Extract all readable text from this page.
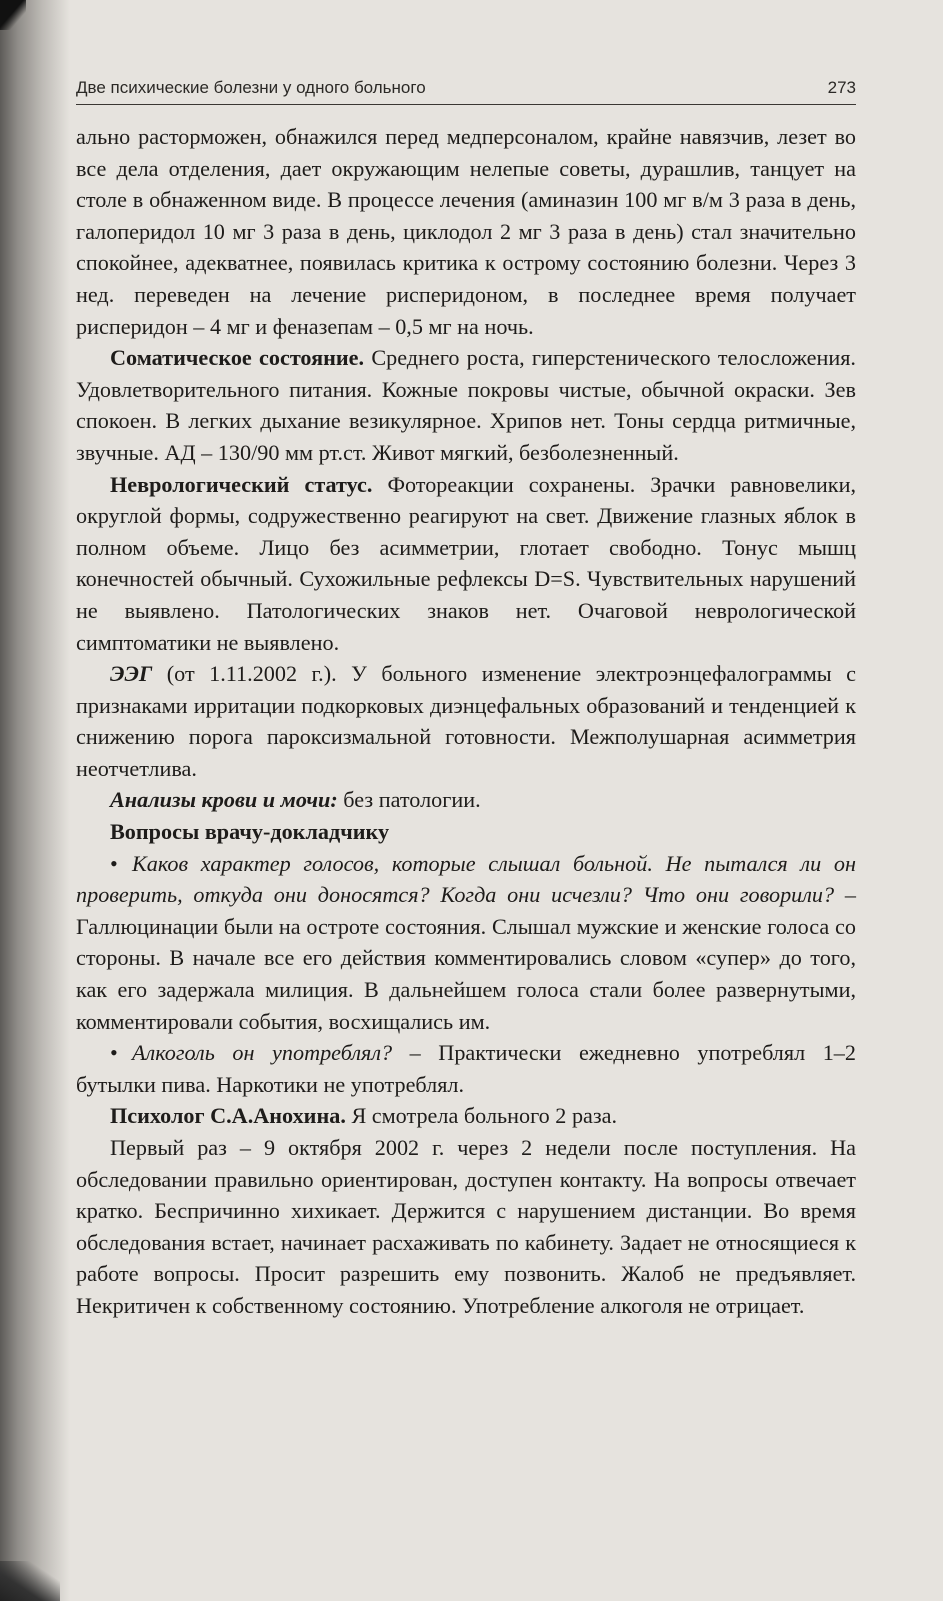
Две психические болезни у одного больного	273

ально расторможен, обнажился перед медперсоналом, крайне навязчив, лезет во все дела отделения, дает окружающим нелепые советы, дурашлив, танцует на столе в обнаженном виде. В процессе лечения (аминазин 100 мг в/м 3 раза в день, галоперидол 10 мг 3 раза в день, циклодол 2 мг 3 раза в день) стал значительно спокойнее, адекватнее, появилась критика к острому состоянию болезни. Через 3 нед. переведен на лечение рисперидоном, в последнее время получает рисперидон – 4 мг и феназепам – 0,5 мг на ночь.

Соматическое состояние. Среднего роста, гиперстенического телосложения. Удовлетворительного питания. Кожные покровы чистые, обычной окраски. Зев спокоен. В легких дыхание везикулярное. Хрипов нет. Тоны сердца ритмичные, звучные. АД – 130/90 мм рт.ст. Живот мягкий, безболезненный.

Неврологический статус. Фотореакции сохранены. Зрачки равновелики, округлой формы, содружественно реагируют на свет. Движение глазных яблок в полном объеме. Лицо без асимметрии, глотает свободно. Тонус мышц конечностей обычный. Сухожильные рефлексы D=S. Чувствительных нарушений не выявлено. Патологических знаков нет. Очаговой неврологической симптоматики не выявлено.

ЭЭГ (от 1.11.2002 г.). У больного изменение электроэнцефалограммы с признаками ирритации подкорковых диэнцефальных образований и тенденцией к снижению порога пароксизмальной готовности. Межполушарная асимметрия неотчетлива.

Анализы крови и мочи: без патологии.

Вопросы врачу-докладчику

• Каков характер голосов, которые слышал больной. Не пытался ли он проверить, откуда они доносятся? Когда они исчезли? Что они говорили? – Галлюцинации были на остроте состояния. Слышал мужские и женские голоса со стороны. В начале все его действия комментировались словом «супер» до того, как его задержала милиция. В дальнейшем голоса стали более развернутыми, комментировали события, восхищались им.

• Алкоголь он употреблял? – Практически ежедневно употреблял 1–2 бутылки пива. Наркотики не употреблял.

Психолог С.А.Анохина. Я смотрела больного 2 раза.

Первый раз – 9 октября 2002 г. через 2 недели после поступления. На обследовании правильно ориентирован, доступен контакту. На вопросы отвечает кратко. Беспричинно хихикает. Держится с нарушением дистанции. Во время обследования встает, начинает расхаживать по кабинету. Задает не относящиеся к работе вопросы. Просит разрешить ему позвонить. Жалоб не предъявляет. Некритичен к собственному состоянию. Употребление алкоголя не отрицает.
